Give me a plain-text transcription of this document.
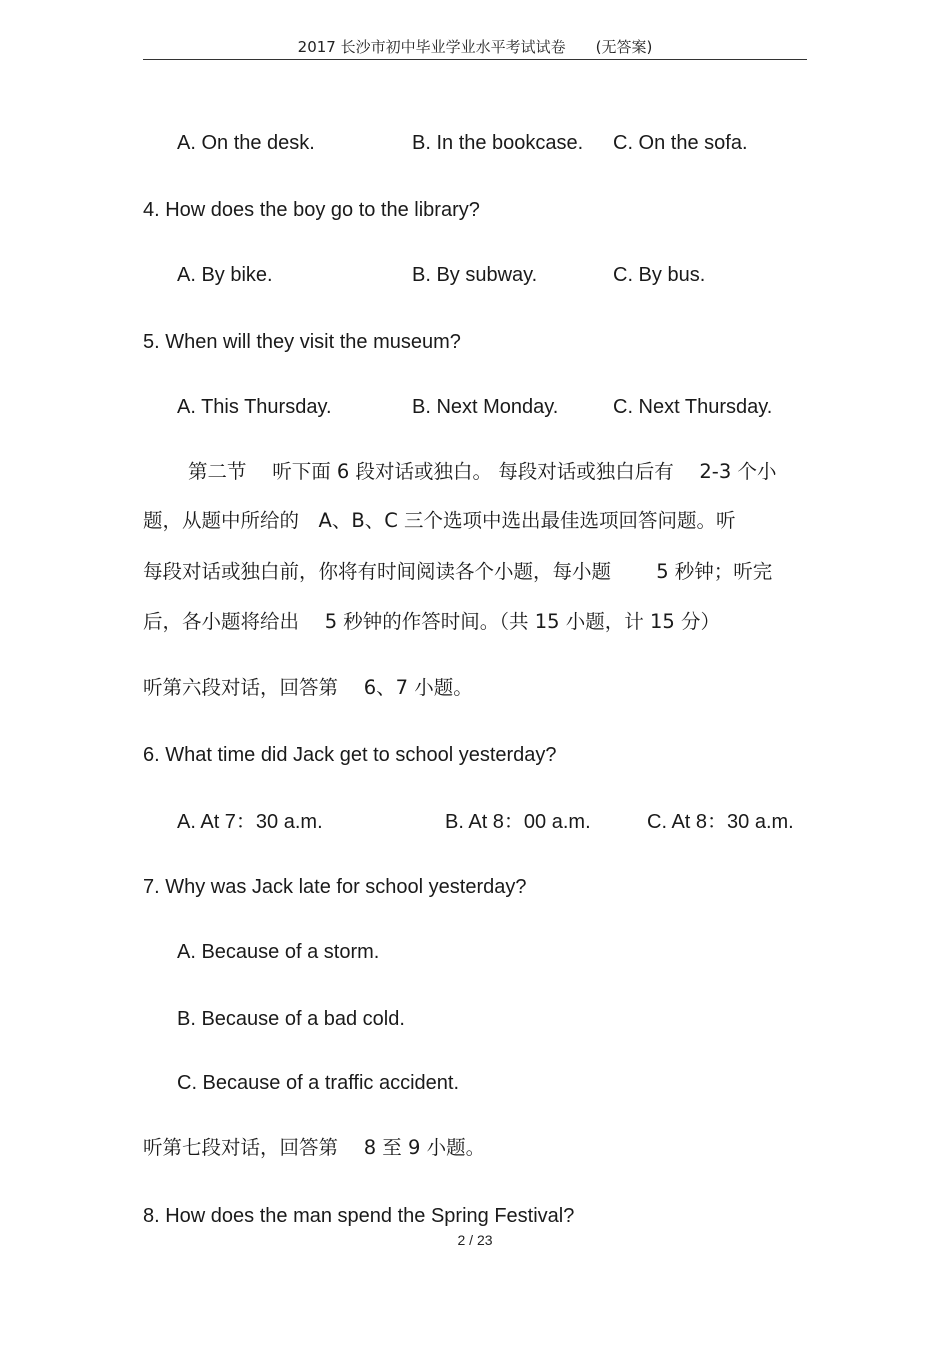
2017 长沙市初中毕业学业水平考试试卷　　(无答案)
A. On the desk.	B. In the bookcase. C. On the sofa.
4. How does the boy go to the library?
A. By bike.	B. By subway.	C. By bus.
5. When will they visit the museum?
A. This Thursday.	B. Next Monday.	C. Next Thursday.
第二节　 听下面 6 段对话或独白。 每段对话或独白后有　 2-3 个小
题，从题中所给的　A、B、C 三个选项中选出最佳选项回答问题。听
每段对话或独白前，你将有时间阅读各个小题，每小题　　 5 秒钟；听完
后，各小题将给出　 5 秒钟的作答时间。（共 15 小题，计 15 分）
听第六段对话，回答第　 6、7 小题。
6. What time did Jack get to school yesterday?
A. At 7：30 a.m.	B. At 8：00 a.m.	C. At 8：30 a.m.
7. Why was Jack late for school yesterday?
A. Because of a storm.
B. Because of a bad cold.
C. Because of a traffic accident.
听第七段对话，回答第　 8 至 9 小题。
8. How does the man spend the Spring Festival?
2 / 23
